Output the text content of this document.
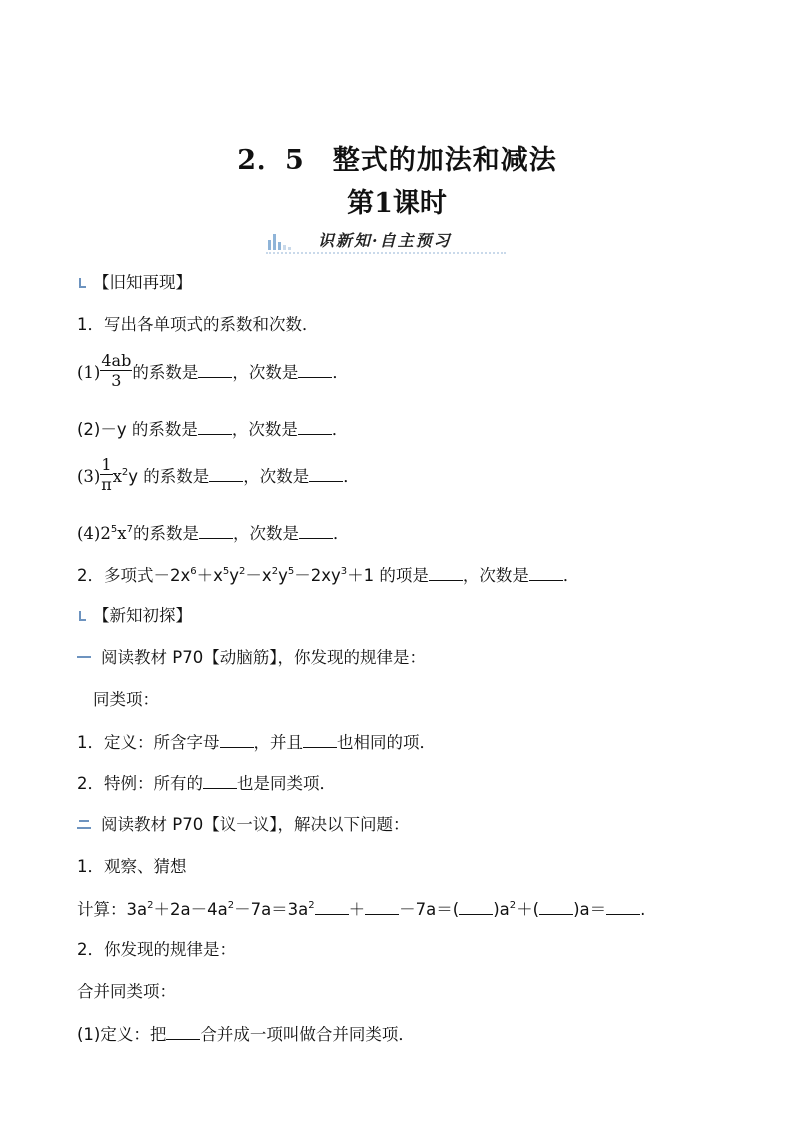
2．5　整式的加法和减法
第1课时
识新知·自主预习
【旧知再现】
1．写出各单项式的系数和次数．
$(1) \frac{4ab}{3}$ 的系数是 ，次数是 ．
(2)－y 的系数是 ，次数是 ．
$(3) \frac{1}{\pi} x^2y$ 的系数是 ，次数是 ．
$(4)2^5x^7$的系数是 ，次数是 ．
2．多项式$-2x^6+x^5y^2-x^2y^5-2xy^3+1$ 的项是 ，次数是 ．
【新知初探】
阅读教材 P70【动脑筋】，你发现的规律是：
同类项：
1．定义：所含字母 ，并且 也相同的项．
2．特例：所有的 也是同类项．
阅读教材 P70【议一议】，解决以下问题：
1．观察、猜想
计算：$3a^2+2a-4a^2-7a=3a^2 + -7a=$( )$a^2+$( )a＝ .
2．你发现的规律是：
合并同类项：
(1)定义：把 合并成一项叫做合并同类项．
